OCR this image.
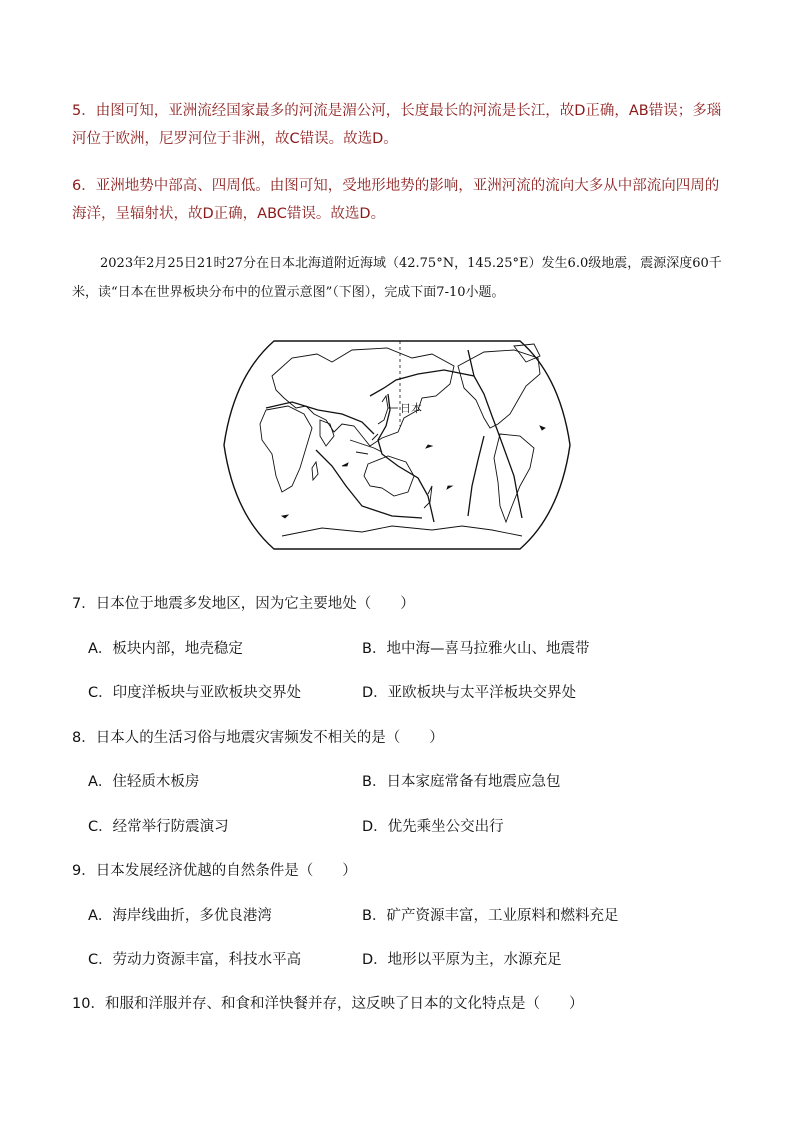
5．由图可知，亚洲流经国家最多的河流是湄公河，长度最长的河流是长江，故D正确，AB错误；多瑙河位于欧洲，尼罗河位于非洲，故C错误。故选D。

6．亚洲地势中部高、四周低。由图可知，受地形地势的影响，亚洲河流的流向大多从中部流向四周的海洋，呈辐射状，故D正确，ABC错误。故选D。

2023年2月25日21时27分在日本北海道附近海域（42.75°N，145.25°E）发生6.0级地震，震源深度60千米，读“日本在世界板块分布中的位置示意图”（下图），完成下面7-10小题。

日本

7．日本位于地震多发地区，因为它主要地处（　　）

A．板块内部，地壳稳定	B．地中海—喜马拉雅火山、地震带

C．印度洋板块与亚欧板块交界处	D．亚欧板块与太平洋板块交界处

8．日本人的生活习俗与地震灾害频发不相关的是（　　）

A．住轻质木板房	B．日本家庭常备有地震应急包

C．经常举行防震演习	D．优先乘坐公交出行

9．日本发展经济优越的自然条件是（　　）

A．海岸线曲折，多优良港湾	B．矿产资源丰富，工业原料和燃料充足

C．劳动力资源丰富，科技水平高	D．地形以平原为主，水源充足

10．和服和洋服并存、和食和洋快餐并存，这反映了日本的文化特点是（　　）
